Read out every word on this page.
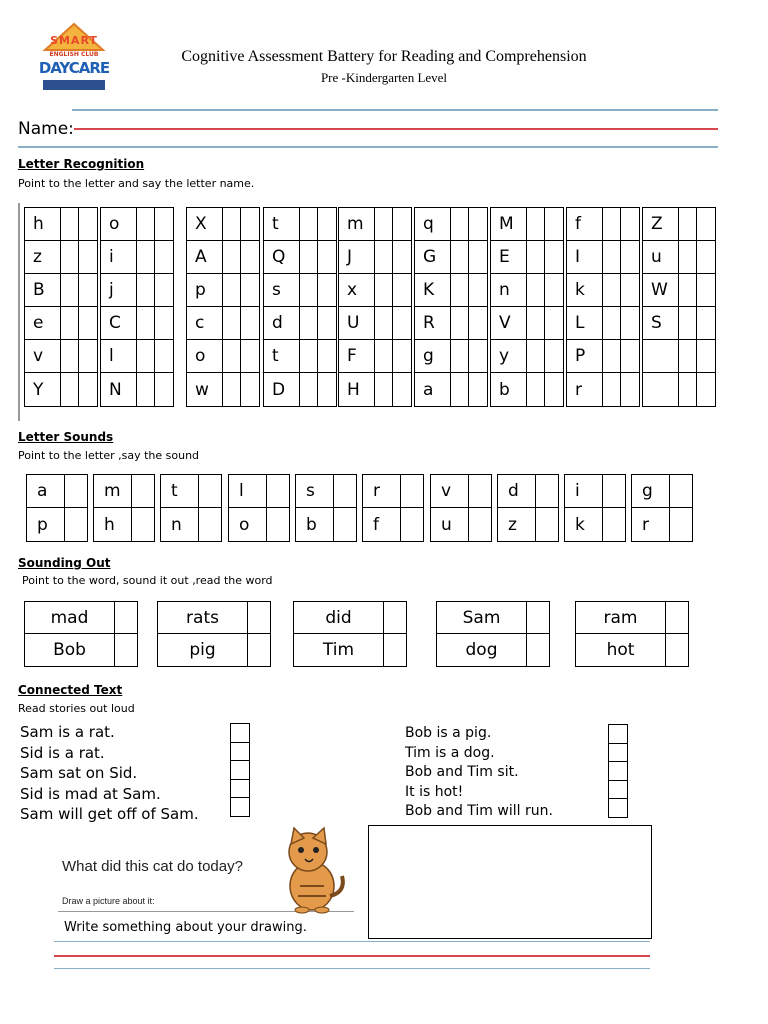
SMART
ENGLISH CLUB
DAYCARE
Cognitive Assessment Battery for Reading and Comprehension
Pre -Kindergarten Level
Name:
Letter Recognition
Point to the letter and say the letter name.
h
z
B
e
v
Y
o
i
j
C
l
N
X
A
p
c
o
w
t
Q
s
d
t
D
m
J
x
U
F
H
q
G
K
R
g
a
M
E
n
V
y
b
f
I
k
L
P
r
Z
u
W
S
Letter Sounds
Point to the letter ,say the sound
a
p
m
h
t
n
l
o
s
b
r
f
v
u
d
z
i
k
g
r
Sounding Out
Point to the word, sound it out ,read the word
mad
Bob
rats
pig
did
Tim
Sam
dog
ram
hot
Connected Text
Read stories out loud
Sam is a rat.
Sid is a rat.
Sam sat on Sid.
Sid is mad at Sam.
Sam will get off of Sam.
Bob is a pig.
Tim is a dog.
Bob and Tim sit.
It is hot!
Bob and Tim will run.
What did this cat do today?
Draw a picture about it:
Write something about your drawing.
